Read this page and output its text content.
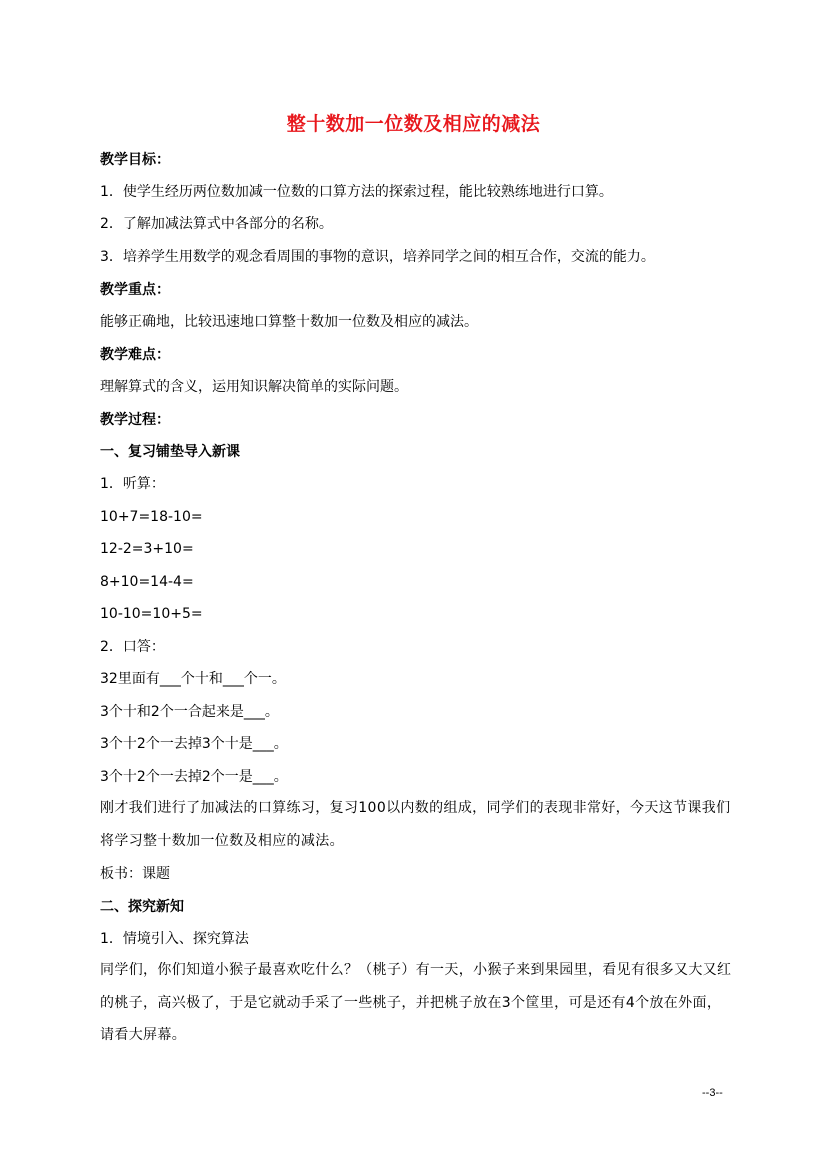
整十数加一位数及相应的减法
教学目标：
1．使学生经历两位数加减一位数的口算方法的探索过程，能比较熟练地进行口算。
2．了解加减法算式中各部分的名称。
3．培养学生用数学的观念看周围的事物的意识，培养同学之间的相互合作，交流的能力。
教学重点：
能够正确地，比较迅速地口算整十数加一位数及相应的减法。
教学难点：
理解算式的含义，运用知识解决简单的实际问题。
教学过程：
一、复习铺垫导入新课
1．听算：
10+7=18-10=
12-2=3+10=
8+10=14-4=
10-10=10+5=
2．口答：
32里面有___个十和___个一。
3个十和2个一合起来是___。
3个十2个一去掉3个十是___。
3个十2个一去掉2个一是___。
刚才我们进行了加减法的口算练习，复习100以内数的组成，同学们的表现非常好，今天这节课我们将学习整十数加一位数及相应的减法。
板书：课题
二、探究新知
1．情境引入、探究算法
同学们，你们知道小猴子最喜欢吃什么？（桃子）有一天，小猴子来到果园里，看见有很多又大又红的桃子，高兴极了，于是它就动手采了一些桃子，并把桃子放在3个筐里，可是还有4个放在外面，请看大屏幕。
--3--
